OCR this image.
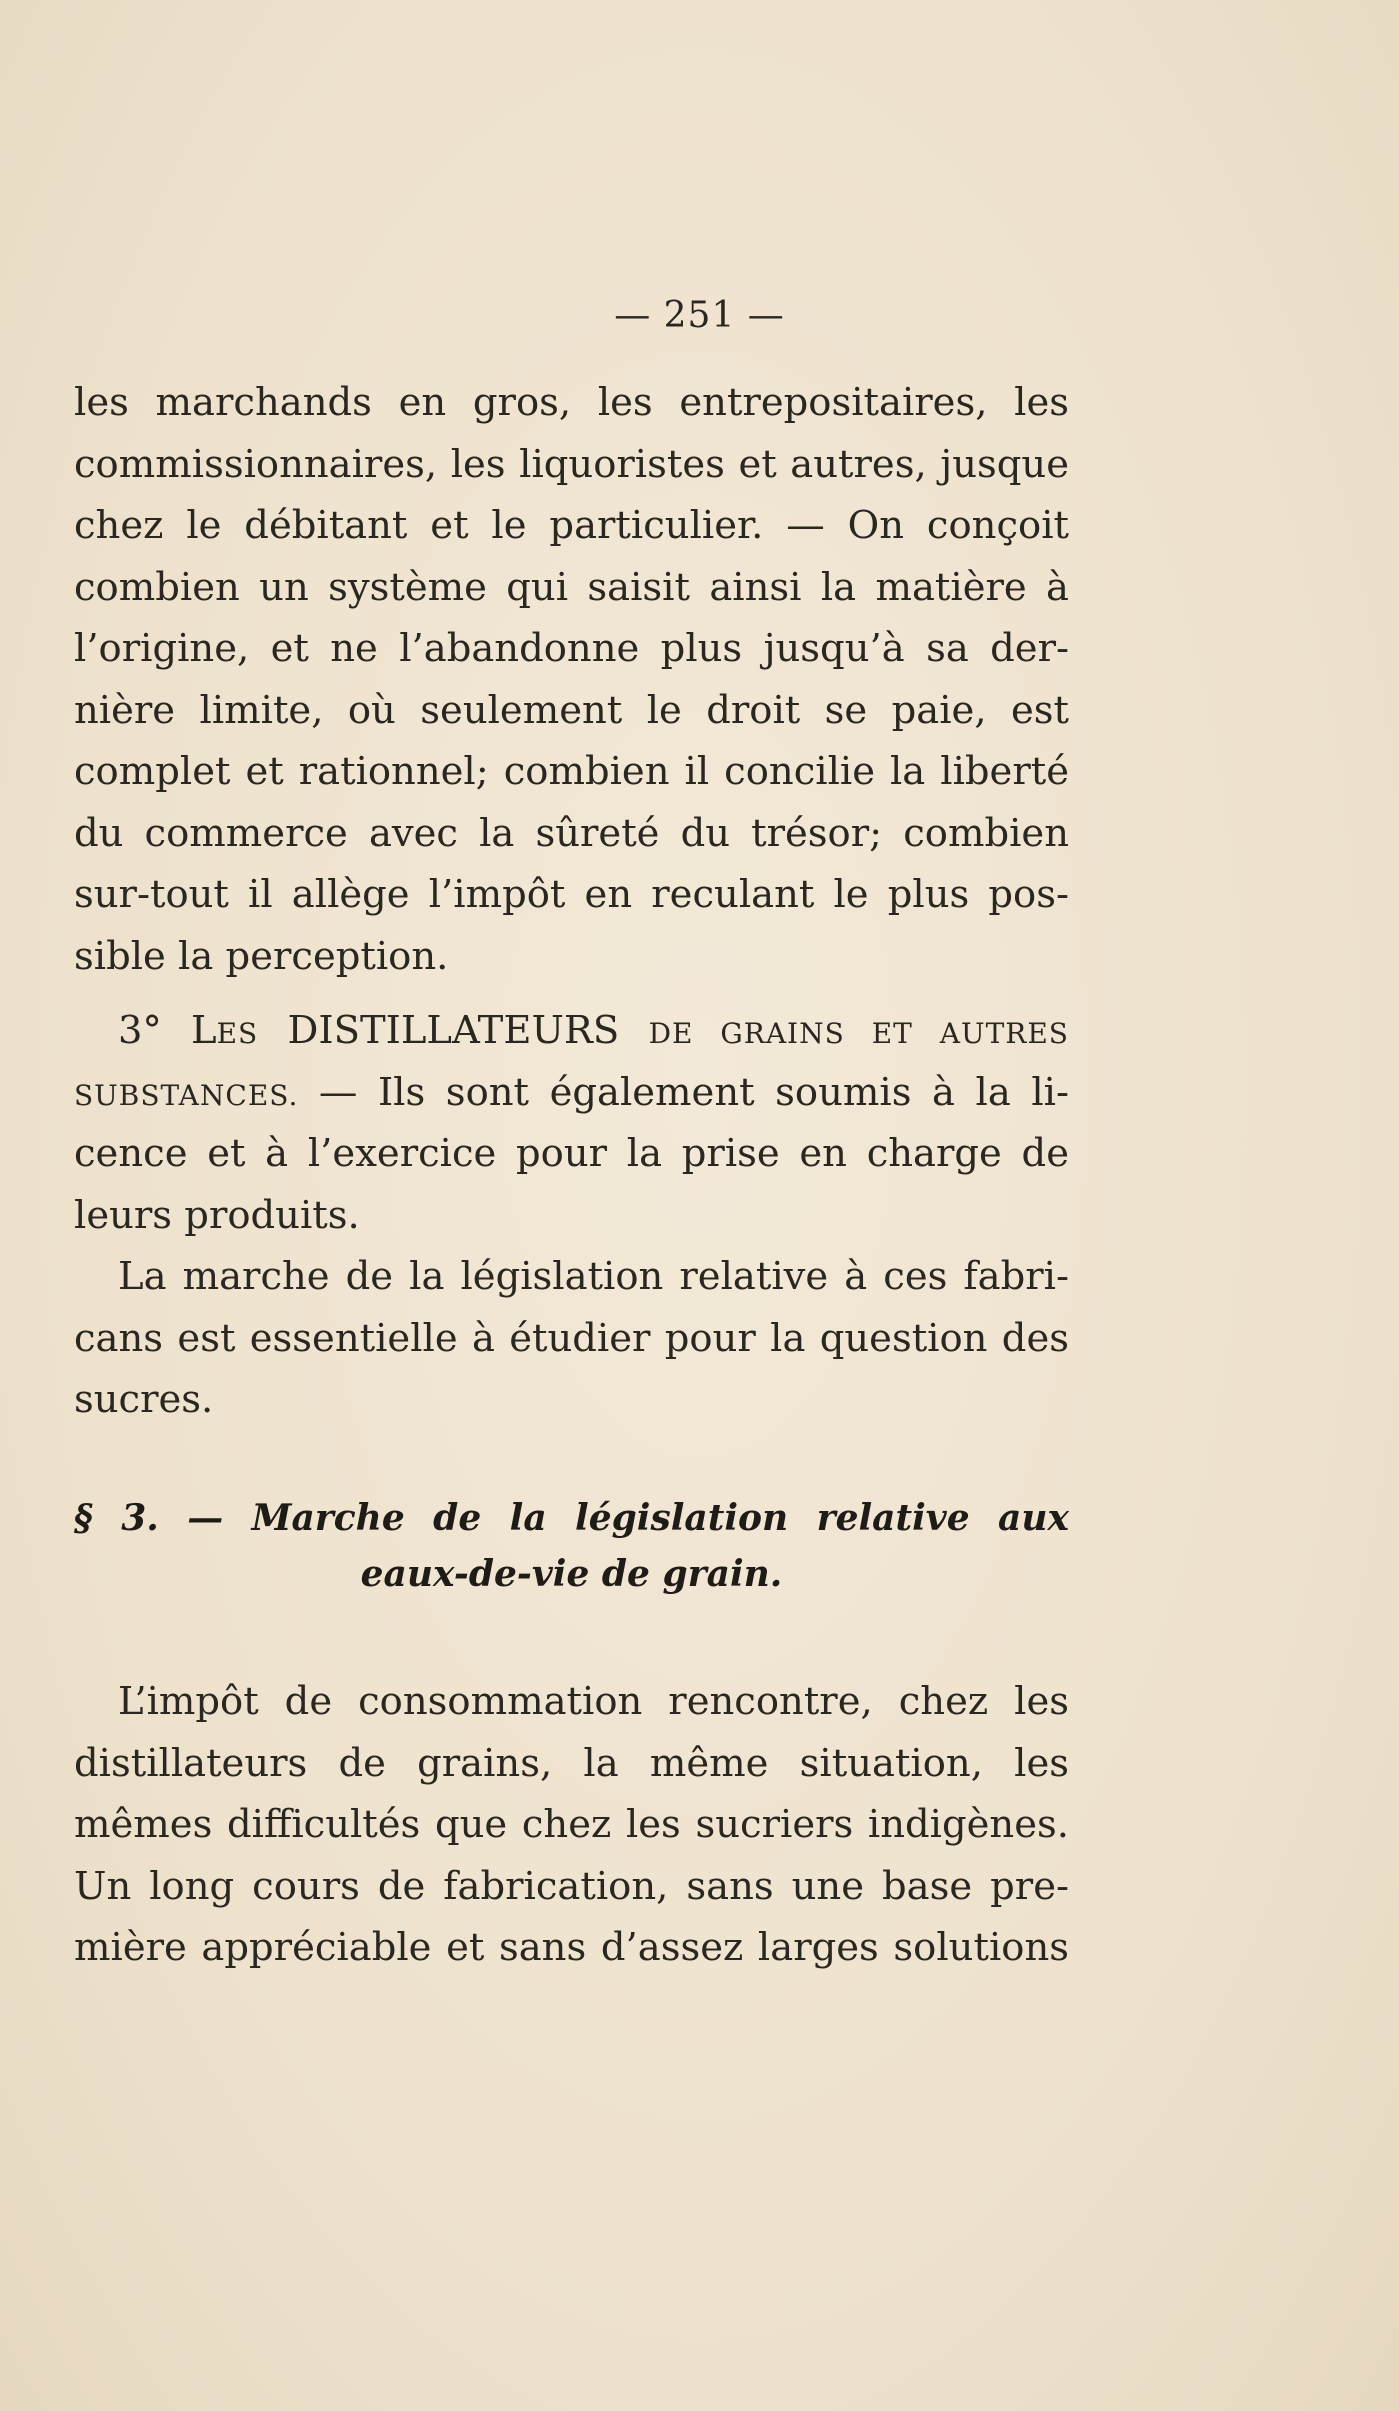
— 251 —
les marchands en gros, les entrepositaires, les
commissionnaires, les liquoristes et autres, jusque
chez le débitant et le particulier. — On conçoit
combien un système qui saisit ainsi la matière à
l’origine, et ne l’abandonne plus jusqu’à sa der-
nière limite, où seulement le droit se paie, est
complet et rationnel; combien il concilie la liberté
du commerce avec la sûreté du trésor; combien
sur-tout il allège l’impôt en reculant le plus pos-
sible la perception.
3° LES DISTILLATEURS DE GRAINS ET AUTRES
SUBSTANCES. — Ils sont également soumis à la li-
cence et à l’exercice pour la prise en charge de
leurs produits.
La marche de la législation relative à ces fabri-
cans est essentielle à étudier pour la question des
sucres.
§ 3. — Marche de la législation relative aux
eaux-de-vie de grain.
L’impôt de consommation rencontre, chez les
distillateurs de grains, la même situation, les
mêmes difficultés que chez les sucriers indigènes.
Un long cours de fabrication, sans une base pre-
mière appréciable et sans d’assez larges solutions
